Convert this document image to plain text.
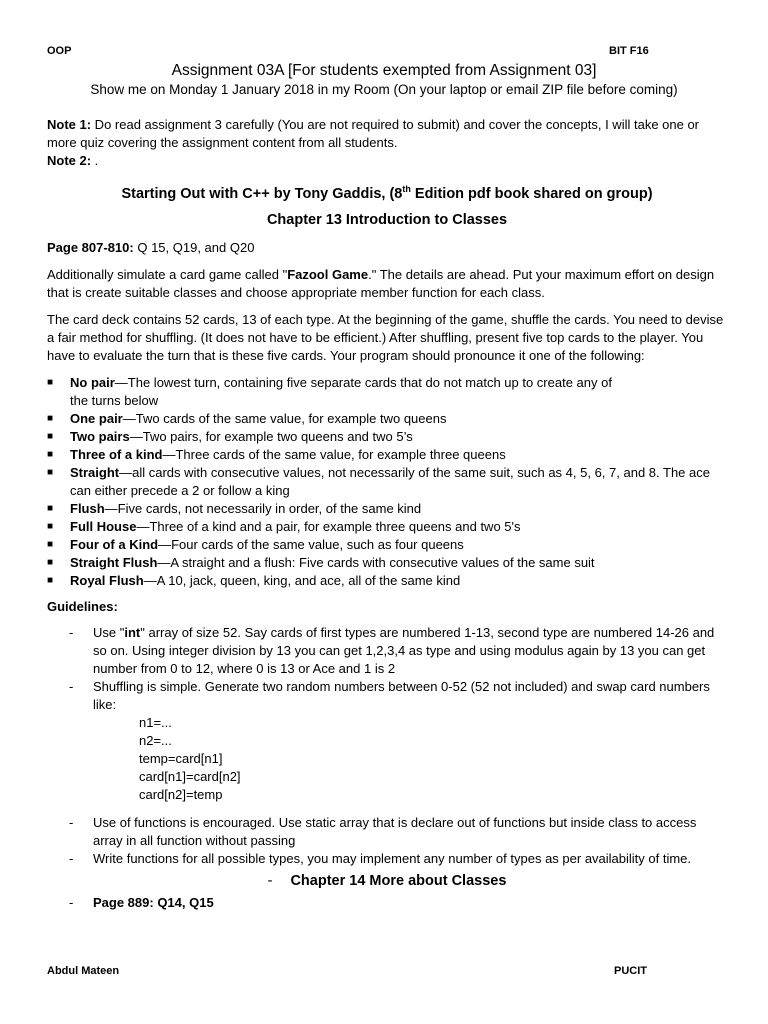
OOP	BIT F16
Assignment 03A [For students exempted from Assignment 03]
Show me on Monday 1 January 2018 in my Room (On your laptop or email ZIP file before coming)

Note 1: Do read assignment 3 carefully (You are not required to submit) and cover the concepts, I will take one or more quiz covering the assignment content from all students.

Note 2: .

Starting Out with C++ by Tony Gaddis, (8th Edition pdf book shared on group)
Chapter 13 Introduction to Classes

Page 807-810: Q 15, Q19, and Q20

Additionally simulate a card game called "Fazool Game." The details are ahead. Put your maximum effort on design that is create suitable classes and choose appropriate member function for each class.

The card deck contains 52 cards, 13 of each type. At the beginning of the game, shuffle the cards. You need to devise a fair method for shuffling. (It does not have to be efficient.) After shuffling, present five top cards to the player. You have to evaluate the turn that is these five cards. Your program should pronounce it one of the following:

■	No pair—The lowest turn, containing five separate cards that do not match up to create any of
the turns below
■	One pair—Two cards of the same value, for example two queens
■	Two pairs—Two pairs, for example two queens and two 5’s
■	Three of a kind—Three cards of the same value, for example three queens
■	Straight—all cards with consecutive values, not necessarily of the same suit, such as 4, 5, 6, 7, and 8. The ace can either precede a 2 or follow a king
■	Flush—Five cards, not necessarily in order, of the same kind
■	Full House—Three of a kind and a pair, for example three queens and two 5's
■	Four of a Kind—Four cards of the same value, such as four queens
■	Straight Flush—A straight and a flush: Five cards with consecutive values of the same suit
■	Royal Flush—A 10, jack, queen, king, and ace, all of the same kind

Guidelines:

- Use "int" array of size 52. Say cards of first types are numbered 1-13, second type are numbered 14-26 and so on. Using integer division by 13 you can get 1,2,3,4 as type and using modulus again by 13 you can get number from 0 to 12, where 0 is 13 or Ace and 1 is 2
- Shuffling is simple. Generate two random numbers between 0-52 (52 not included) and swap card numbers like:
n1=...
n2=...
temp=card[n1]
card[n1]=card[n2]
card[n2]=temp
- Use of functions is encouraged. Use static array that is declare out of functions but inside class to access array in all function without passing
- Write functions for all possible types, you may implement any number of types as per availability of time.
- Chapter 14 More about Classes
- Page 889: Q14, Q15
Abdul Mateen	PUCIT
